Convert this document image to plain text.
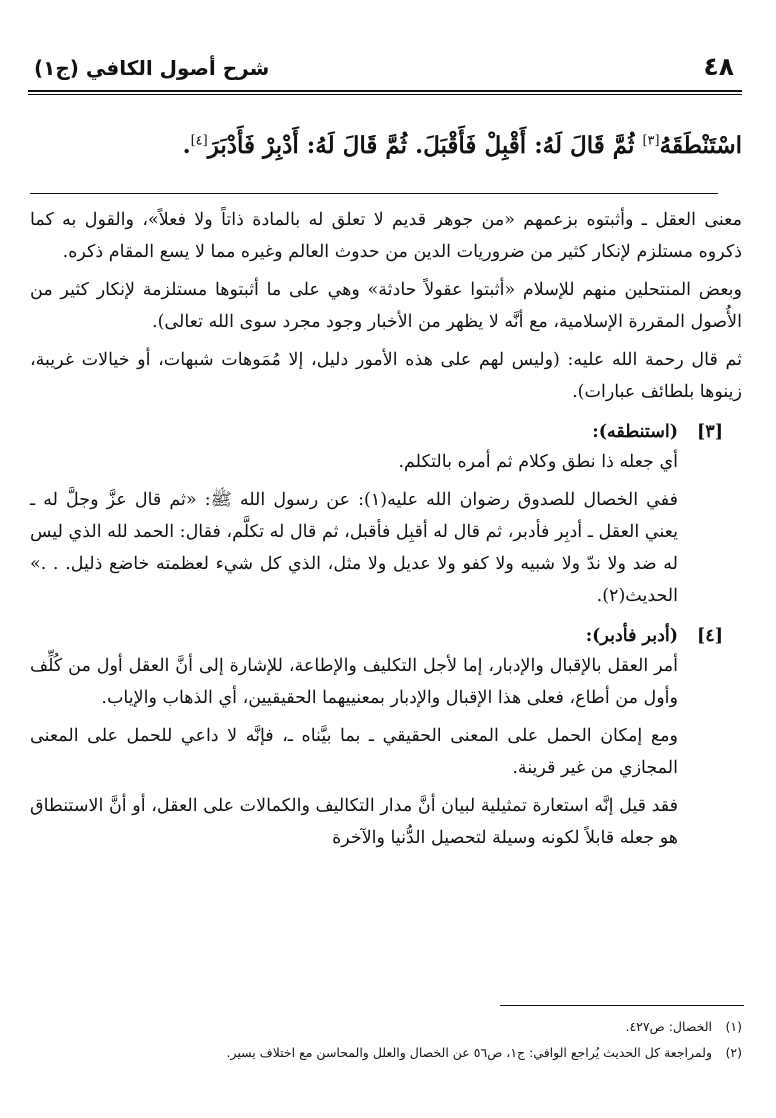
٤٨
شرح أصول الكافي (ج١)
اسْتَنْطَقَهُ[٣] ثُمَّ قَالَ لَهُ: أَقْبِلْ فَأَقْبَلَ. ثُمَّ قَالَ لَهُ: أَدْبِرْ فَأَدْبَرَ[٤].

معنى العقل ـ وأثبتوه بزعمهم «من جوهر قديم لا تعلق له بالمادة ذاتاً ولا فعلاً»، والقول به كما ذكروه مستلزم لإنكار كثير من ضروريات الدين من حدوث العالم وغيره مما لا يسع المقام ذكره.

وبعض المنتحلين منهم للإسلام «أثبتوا عقولاً حادثة» وهي على ما أثبتوها مستلزمة لإنكار كثير من الأُصول المقررة الإسلامية، مع أنَّه لا يظهر من الأخبار وجود مجرد سوى الله تعالى).

ثم قال رحمة الله عليه: (وليس لهم على هذه الأمور دليل، إلا مُمَوهات شبهات، أو خيالات غريبة، زينوها بلطائف عبارات).

[٣]
(استنطقه):

أي جعله ذا نطق وكلام ثم أمره بالتكلم.

ففي الخصال للصدوق رضوان الله عليه(١): عن رسول الله ﷺ: «ثم قال عزَّ وجلَّ له ـ يعني العقل ـ أدبِر فأدبر، ثم قال له أقبِل فأقبل، ثم قال له تكلَّم، فقال: الحمد لله الذي ليس له ضد ولا ندّ ولا شبيه ولا كفو ولا عديل ولا مثل، الذي كل شيء لعظمته خاضع ذليل. . .» الحديث(٢).

[٤]
(أدبر فأدبر):

أمر العقل بالإقبال والإدبار، إما لأجل التكليف والإطاعة، للإشارة إلى أنَّ العقل أول من كُلِّف وأول من أطاع، فعلى هذا الإقبال والإدبار بمعنييهما الحقيقيين، أي الذهاب والإياب.

ومع إمكان الحمل على المعنى الحقيقي ـ بما بيَّناه ـ، فإنَّه لا داعي للحمل على المعنى المجازي من غير قرينة.

فقد قيل إنَّه استعارة تمثيلية لبيان أنَّ مدار التكاليف والكمالات على العقل، أو أنَّ الاستنطاق هو جعله قابلاً لكونه وسيلة لتحصيل الدُّنيا والآخرة

(١)
الخصال: ص٤٢٧.
(٢)
ولمراجعة كل الحديث يُراجع الوافي: ج١، ص٥٦ عن الخصال والعلل والمحاسن مع اختلاف يسير.
